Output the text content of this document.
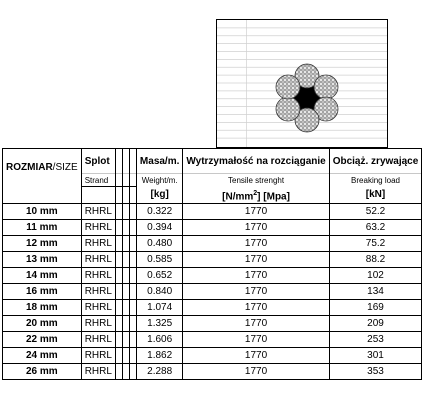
ROZMIAR/SIZE	Splot				Masa/m.	Wytrzymałość na rozciąganie	Obciąż. zrywające
	Strand				Weight/m.	Tensile strenght	Breaking load
					[kg]	$[N/mm^2]$ [Mpa]	[kN]
10 mm	RHRL				0.322	1770	52.2
11 mm	RHRL				0.394	1770	63.2
12 mm	RHRL				0.480	1770	75.2
13 mm	RHRL				0.585	1770	88.2
14 mm	RHRL				0.652	1770	102
16 mm	RHRL				0.840	1770	134
18 mm	RHRL				1.074	1770	169
20 mm	RHRL				1.325	1770	209
22 mm	RHRL				1.606	1770	253
24 mm	RHRL				1.862	1770	301
26 mm	RHRL				2.288	1770	353
